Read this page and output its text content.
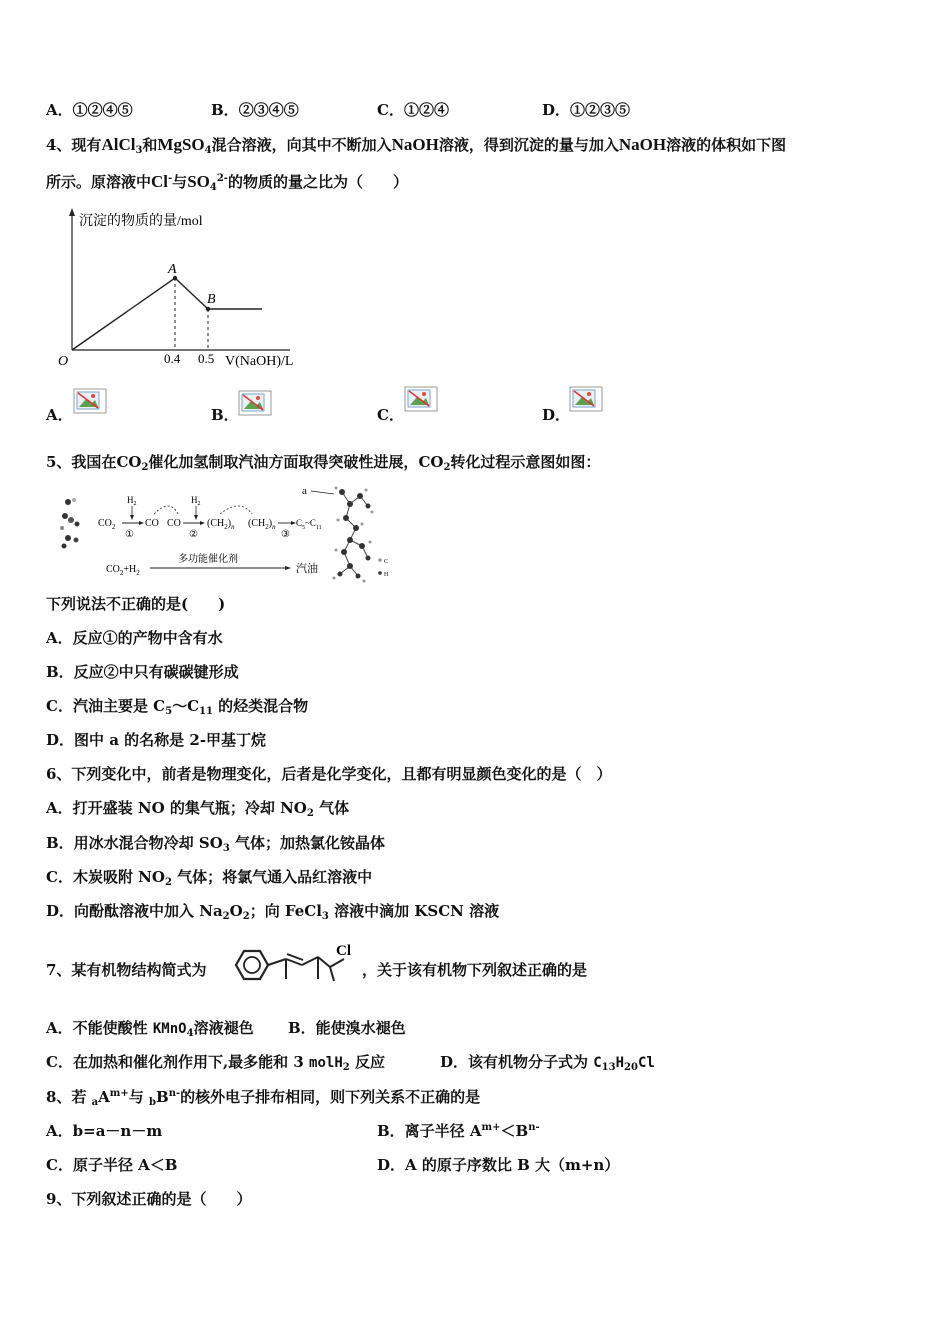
A．①②④⑤	B．②③④⑤	C．①②④	D．①②③⑤
4、现有AlCl$_3$和MgSO$_4$混合溶液，向其中不断加入NaOH溶液，得到沉淀的量与加入NaOH溶液的体积如下图
所示。原溶液中Cl-与$SO_4^{2-}$的物质的量之比为（　　）
沉淀的物质的量/mol
A
B
O	0.4 0.5 V(NaOH)/L
A．	B．	C．	D．
5、我国在$CO_2$催化加氢制取汽油方面取得突破性进展，$CO_2$转化过程示意图如图：
$CO_2$
$H_2$
①
CO CO
$H_2$
②
$(CH_2)_n$ $(CH_2)_n$
③
$C_5\sim C_{11}$
a
$CO_2+H_2$
多功能催化剂
汽油
C
H
下列说法不正确的是(　　)
A．反应①的产物中含有水
B．反应②中只有碳碳键形成
C．汽油主要是 $C_5\sim C_{11}$ 的烃类混合物
D．图中 a 的名称是 2-甲基丁烷
6、下列变化中，前者是物理变化，后者是化学变化，且都有明显颜色变化的是（　）
A．打开盛装 NO 的集气瓶；冷却 $NO_2$ 气体
B．用冰水混合物冷却 $SO_3$ 气体；加热氯化铵晶体
C．木炭吸附 $NO_2$ 气体；将氯气通入品红溶液中
D．向酚酞溶液中加入 $Na_2O_2$；向 FeCl$_3$ 溶液中滴加 KSCN 溶液
7、某有机物结构简式为
Cl
，关于该有机物下列叙述正确的是
A．不能使酸性 KMnO$_4$溶液褪色 B．能使溴水褪色
C．在加热和催化剂作用下,最多能和 3 molH$_2$ 反应	D．该有机物分子式为 $C_{13}H_{20}Cl$
8、若 $_aA^{m+}$与 $_bB^{n-}$的核外电子排布相同，则下列关系不正确的是
A．b=a－n－m	B．离子半径 $A^{m+}<B^{n-}$
C．原子半径 A＜B	D．A 的原子序数比 B 大（m+n）
9、下列叙述正确的是（　　）
